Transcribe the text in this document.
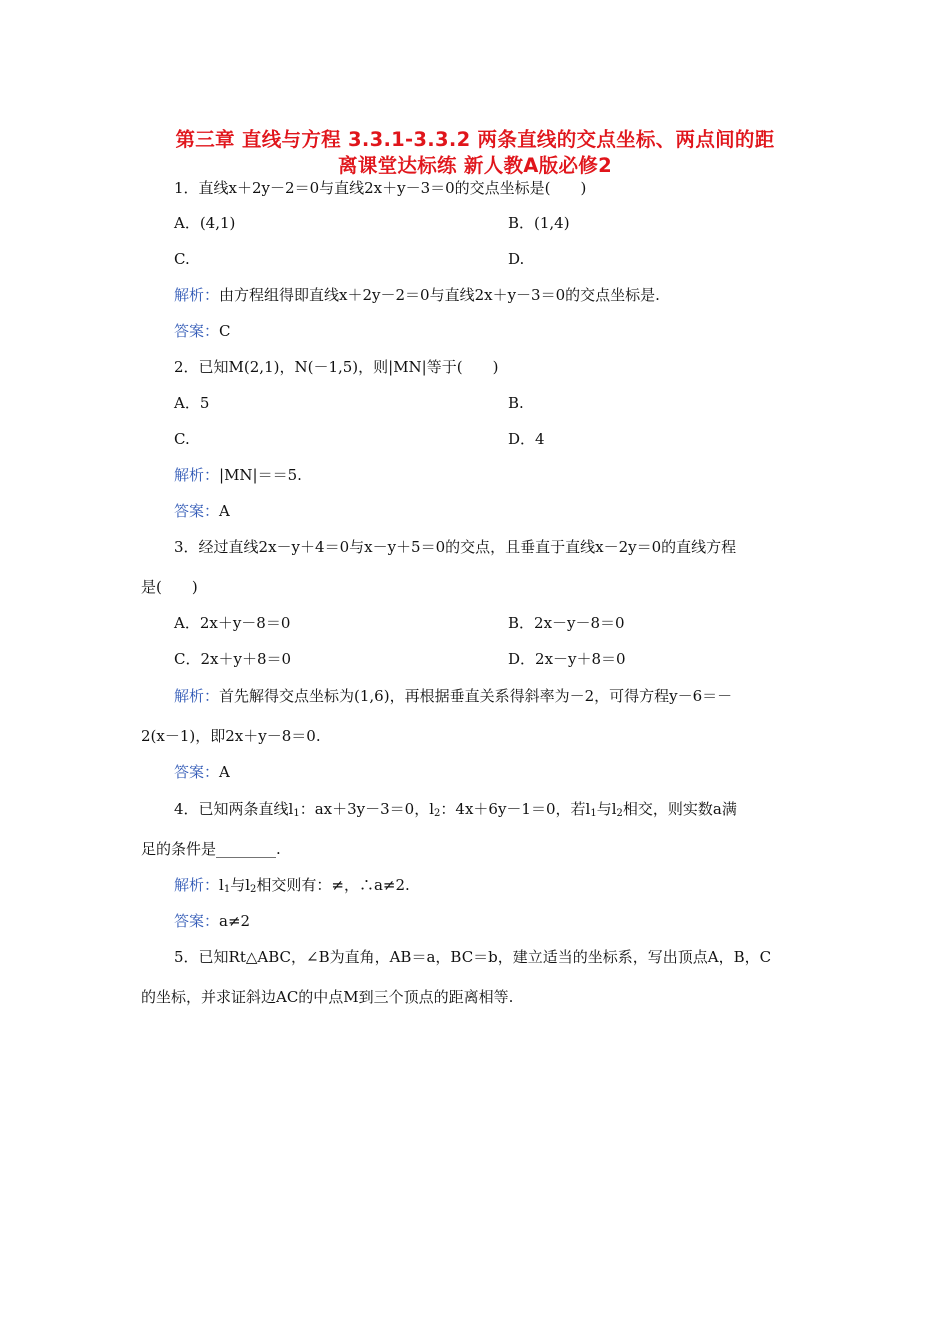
第三章 直线与方程 3.3.1-3.3.2 两条直线的交点坐标、两点间的距
离课堂达标练 新人教A版必修2
1．直线x＋2y－2＝0与直线2x＋y－3＝0的交点坐标是(　　)
A．(4,1)	B．(1,4)
C.	D.
解析：由方程组得即直线x＋2y－2＝0与直线2x＋y－3＝0的交点坐标是.
答案：C
2．已知M(2,1)，N(－1,5)，则|MN|等于(　　)
A．5	B.
C.	D．4
解析：|MN|＝＝5.
答案：A
3．经过直线2x－y＋4＝0与x－y＋5＝0的交点，且垂直于直线x－2y＝0的直线方程
是(　　)
A．2x＋y－8＝0	B．2x－y－8＝0
C．2x＋y＋8＝0	D．2x－y＋8＝0
解析：首先解得交点坐标为(1,6)，再根据垂直关系得斜率为－2，可得方程y－6＝－
2(x－1)，即2x＋y－8＝0.
答案：A
4．已知两条直线$l_1$：ax＋3y－3＝0，$l_2$：4x＋6y－1＝0，若$l_1$与$l_2$相交，则实数a满
足的条件是________.
解析：$l_1$与$l_2$相交则有：≠，∴a≠2.
答案：a≠2
5．已知Rt△ABC，∠B为直角，AB＝a，BC＝b，建立适当的坐标系，写出顶点A，B，C
的坐标，并求证斜边AC的中点M到三个顶点的距离相等.
